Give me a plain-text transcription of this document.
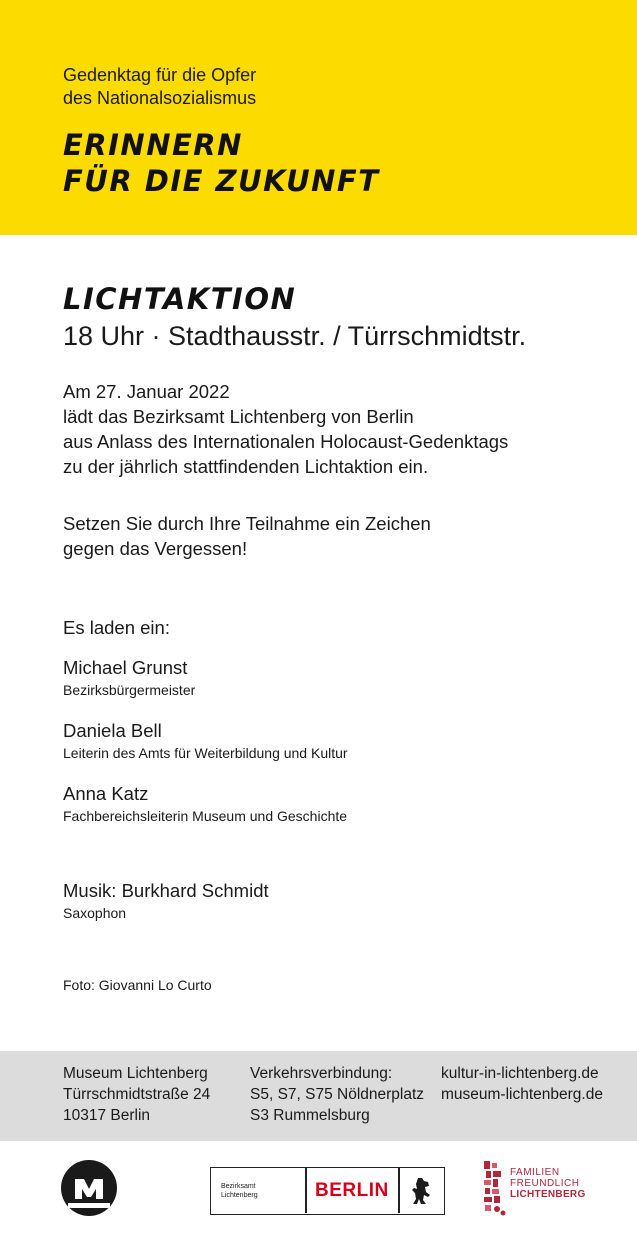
Gedenktag für die Opfer
des Nationalsozialismus
ERINNERN
FÜR DIE ZUKUNFT
LICHTAKTION
18 Uhr · Stadthausstr. / Türrschmidtstr.
Am 27. Januar 2022
lädt das Bezirksamt Lichtenberg von Berlin
aus Anlass des Internationalen Holocaust-Gedenktags
zu der jährlich stattfindenden Lichtaktion ein.
Setzen Sie durch Ihre Teilnahme ein Zeichen
gegen das Vergessen!
Es laden ein:
Michael Grunst
Bezirksbürgermeister
Daniela Bell
Leiterin des Amts für Weiterbildung und Kultur
Anna Katz
Fachbereichsleiterin Museum und Geschichte
Musik: Burkhard Schmidt
Saxophon
Foto: Giovanni Lo Curto
Museum Lichtenberg
Türrschmidtstraße 24
10317 Berlin
Verkehrsverbindung:
S5, S7, S75 Nöldnerplatz
S3 Rummelsburg
kultur-in-lichtenberg.de
museum-lichtenberg.de
Bezirksamt
Lichtenberg	BERLIN
FAMILIEN
FREUNDLICH
LICHTENBERG
